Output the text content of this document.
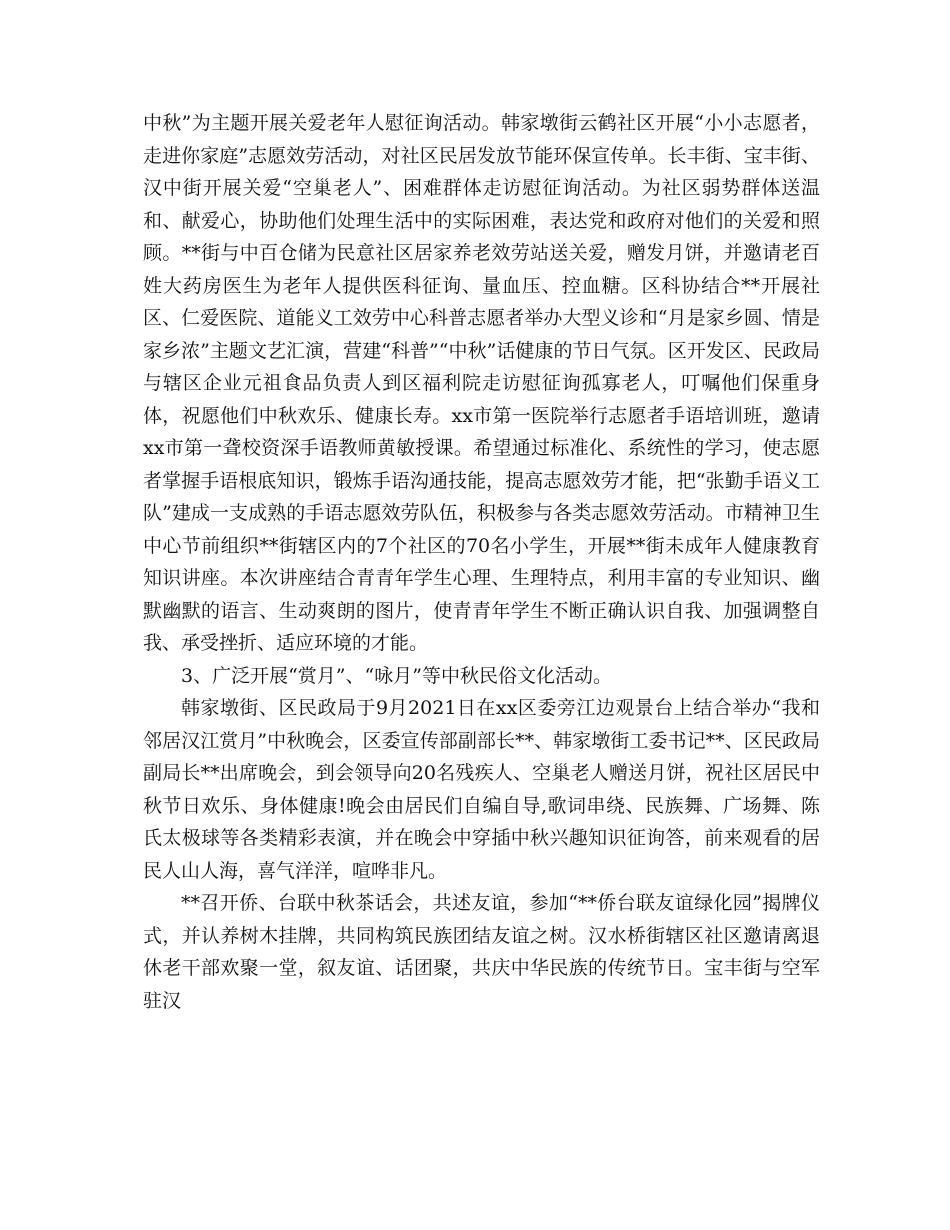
中秋”为主题开展关爱老年人慰征询活动。韩家墩街云鹤社区开展“小小志愿者，走进你家庭”志愿效劳活动，对社区民居发放节能环保宣传单。长丰街、宝丰街、汉中街开展关爱“空巢老人”、困难群体走访慰征询活动。为社区弱势群体送温和、献爱心，协助他们处理生活中的实际困难，表达党和政府对他们的关爱和照顾。**街与中百仓储为民意社区居家养老效劳站送关爱，赠发月饼，并邀请老百姓大药房医生为老年人提供医科征询、量血压、控血糖。区科协结合**开展社区、仁爱医院、道能义工效劳中心科普志愿者举办大型义诊和“月是家乡圆、情是家乡浓”主题文艺汇演，营建“科普”“中秋”话健康的节日气氛。区开发区、民政局与辖区企业元祖食品负责人到区福利院走访慰征询孤寡老人，叮嘱他们保重身体，祝愿他们中秋欢乐、健康长寿。xx市第一医院举行志愿者手语培训班，邀请xx市第一聋校资深手语教师黄敏授课。希望通过标准化、系统性的学习，使志愿者掌握手语根底知识，锻炼手语沟通技能，提高志愿效劳才能，把“张勤手语义工队”建成一支成熟的手语志愿效劳队伍，积极参与各类志愿效劳活动。市精神卫生中心节前组织**街辖区内的7个社区的70名小学生，开展**街未成年人健康教育知识讲座。本次讲座结合青青年学生心理、生理特点，利用丰富的专业知识、幽默幽默的语言、生动爽朗的图片，使青青年学生不断正确认识自我、加强调整自我、承受挫折、适应环境的才能。

3、广泛开展“赏月”、“咏月”等中秋民俗文化活动。

韩家墩街、区民政局于9月2021日在xx区委旁江边观景台上结合举办“我和邻居汉江赏月”中秋晚会，区委宣传部副部长**、韩家墩街工委书记**、区民政局副局长**出席晚会，到会领导向20名残疾人、空巢老人赠送月饼，祝社区居民中秋节日欢乐、身体健康!晚会由居民们自编自导,歌词串绕、民族舞、广场舞、陈氏太极球等各类精彩表演，并在晚会中穿插中秋兴趣知识征询答，前来观看的居民人山人海，喜气洋洋，喧哗非凡。

**召开侨、台联中秋茶话会，共述友谊，参加“**侨台联友谊绿化园”揭牌仪式，并认养树木挂牌，共同构筑民族团结友谊之树。汉水桥街辖区社区邀请离退休老干部欢聚一堂，叙友谊、话团聚，共庆中华民族的传统节日。宝丰街与空军驻汉
